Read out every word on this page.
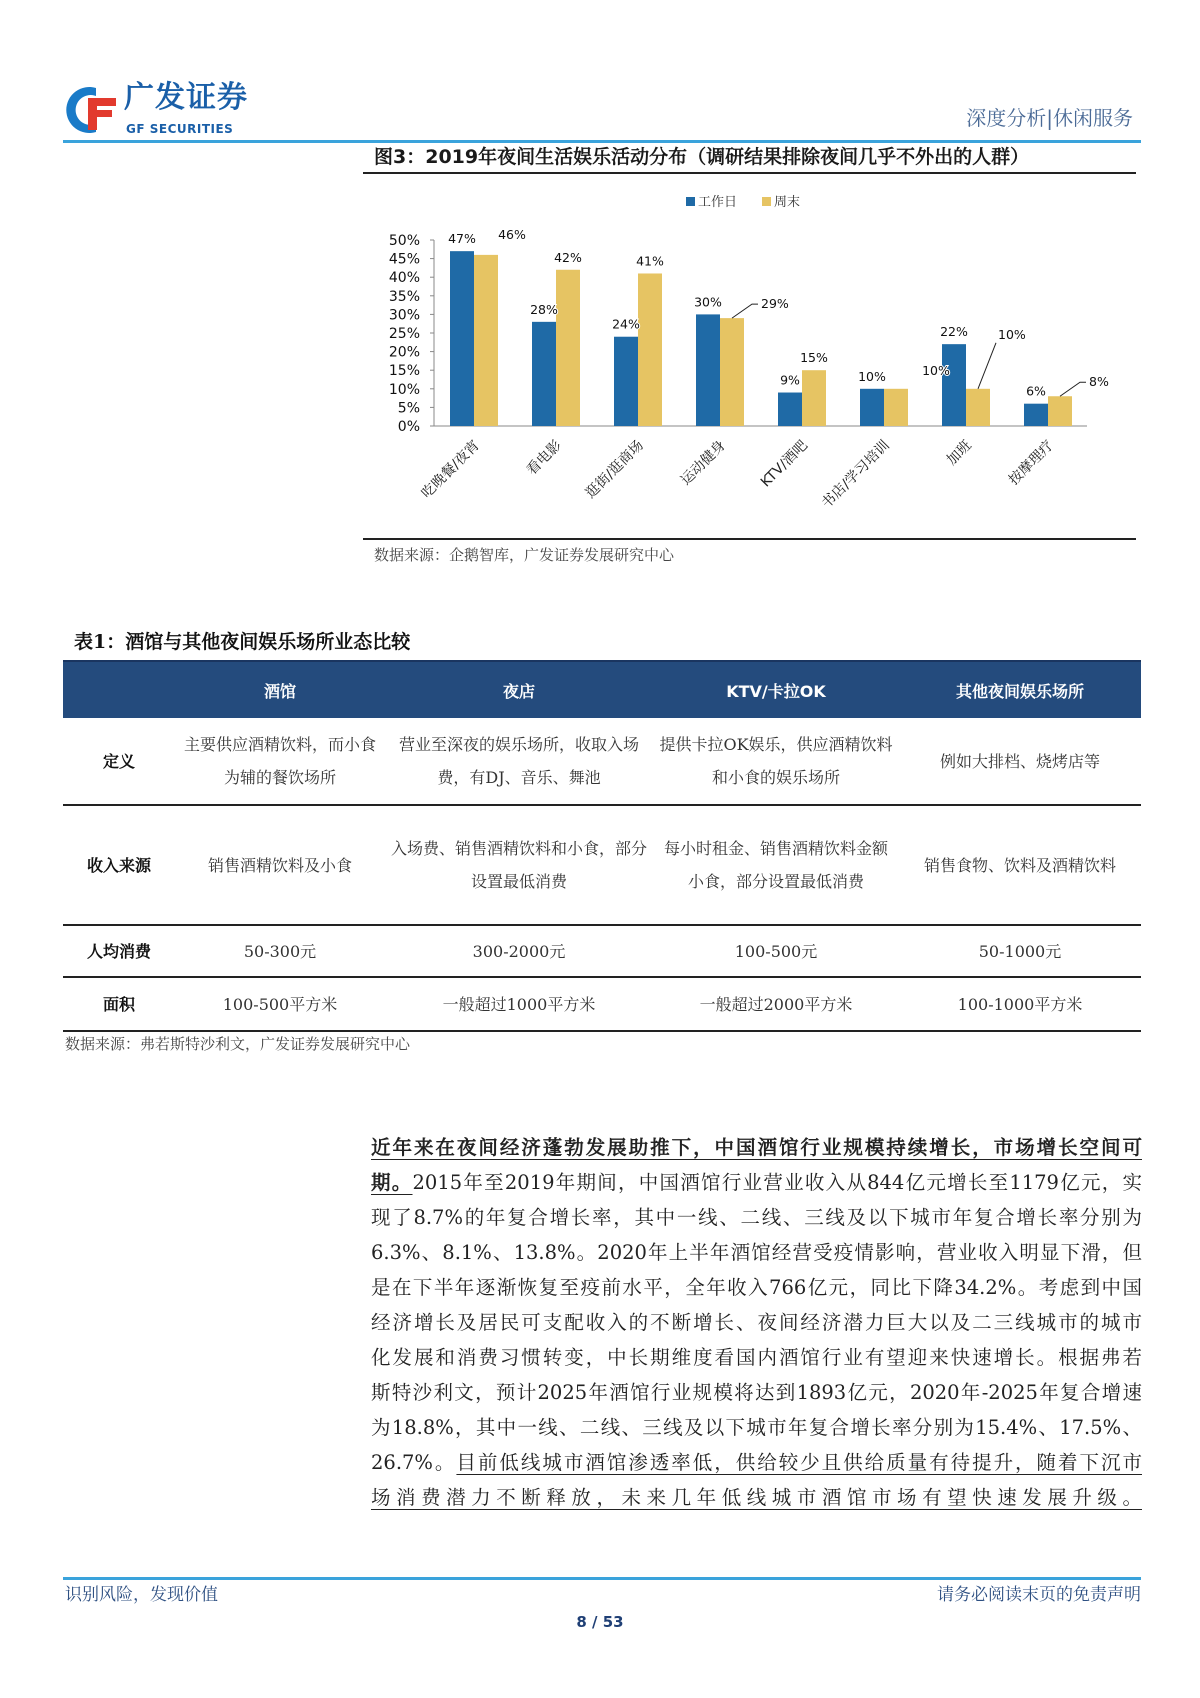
广发证券
GF SECURITIES	深度分析|休闲服务
图3：2019年夜间生活娱乐活动分布（调研结果排除夜间几乎不外出的人群）
工作日	周末
0%
5%
10%
15%
20%
25%
30%
35%
40%
45%
50% 47% 46%
吃晚餐/夜宵
28%
42%
看电影
24%
41%
逛街/逛商场
30%	29%
运动健身
9%
15%
KTV/酒吧
10%	10%
书店/学习培训
22% 10%
加班
6%
8%
按摩理疗
数据来源：企鹅智库，广发证券发展研究中心
表1：酒馆与其他夜间娱乐场所业态比较
	酒馆	夜店	KTV/卡拉OK	其他夜间娱乐场所
定义	主要供应酒精饮料，而小食为辅的餐饮场所	营业至深夜的娱乐场所，收取入场费，有DJ、音乐、舞池	提供卡拉OK娱乐，供应酒精饮料和小食的娱乐场所	例如大排档、烧烤店等
收入来源	销售酒精饮料及小食	入场费、销售酒精饮料和小食，部分设置最低消费	每小时租金、销售酒精饮料金额小食，部分设置最低消费	销售食物、饮料及酒精饮料
人均消费	50-300元	300-2000元	100-500元	50-1000元
面积	100-500平方米	一般超过1000平方米	一般超过2000平方米	100-1000平方米
数据来源：弗若斯特沙利文，广发证券发展研究中心
近年来在夜间经济蓬勃发展助推下，中国酒馆行业规模持续增长，市场增长空间可
期。2015年至2019年期间，中国酒馆行业营业收入从844亿元增长至1179亿元，实
现了8.7%的年复合增长率，其中一线、二线、三线及以下城市年复合增长率分别为
6.3%、8.1%、13.8%。2020年上半年酒馆经营受疫情影响，营业收入明显下滑，但
是在下半年逐渐恢复至疫前水平，全年收入766亿元，同比下降34.2%。考虑到中国
经济增长及居民可支配收入的不断增长、夜间经济潜力巨大以及二三线城市的城市
化发展和消费习惯转变，中长期维度看国内酒馆行业有望迎来快速增长。根据弗若
斯特沙利文，预计2025年酒馆行业规模将达到1893亿元，2020年-2025年复合增速
为18.8%，其中一线、二线、三线及以下城市年复合增长率分别为15.4%、17.5%、
26.7%。目前低线城市酒馆渗透率低，供给较少且供给质量有待提升，随着下沉市
场消费潜力不断释放，未来几年低线城市酒馆市场有望快速发展升级。
识别风险，发现价值	请务必阅读末页的免责声明
8 / 53
